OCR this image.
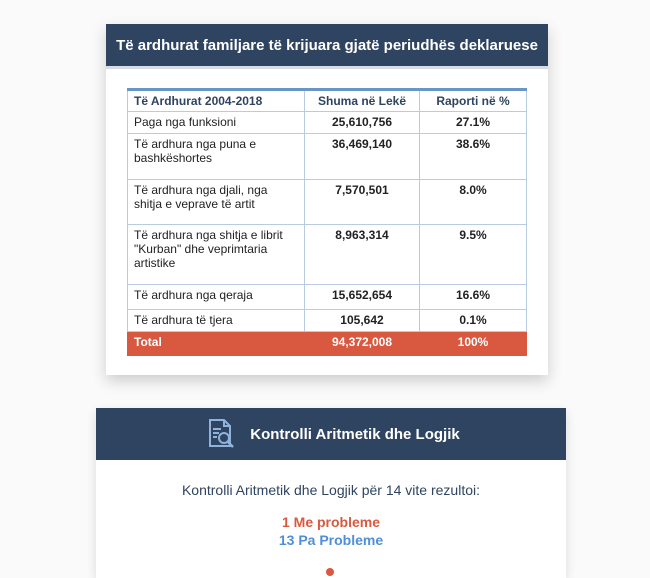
Të ardhurat familjare të krijuara gjatë periudhës deklaruese
Të Ardhurat 2004-2018	Shuma në Lekë	Raporti në %
Paga nga funksioni	25,610,756	27.1%
Të ardhura nga puna e bashkëshortes	36,469,140	38.6%
Të ardhura nga djali, nga shitja e veprave të artit	7,570,501	8.0%
Të ardhura nga shitja e librit "Kurban" dhe veprimtaria artistike	8,963,314	9.5%
Të ardhura nga qeraja	15,652,654	16.6%
Të ardhura të tjera	105,642	0.1%
Total	94,372,008	100%
Kontrolli Aritmetik dhe Logjik
Kontrolli Aritmetik dhe Logjik për 14 vite rezultoi:
1 Me probleme
13 Pa Probleme
